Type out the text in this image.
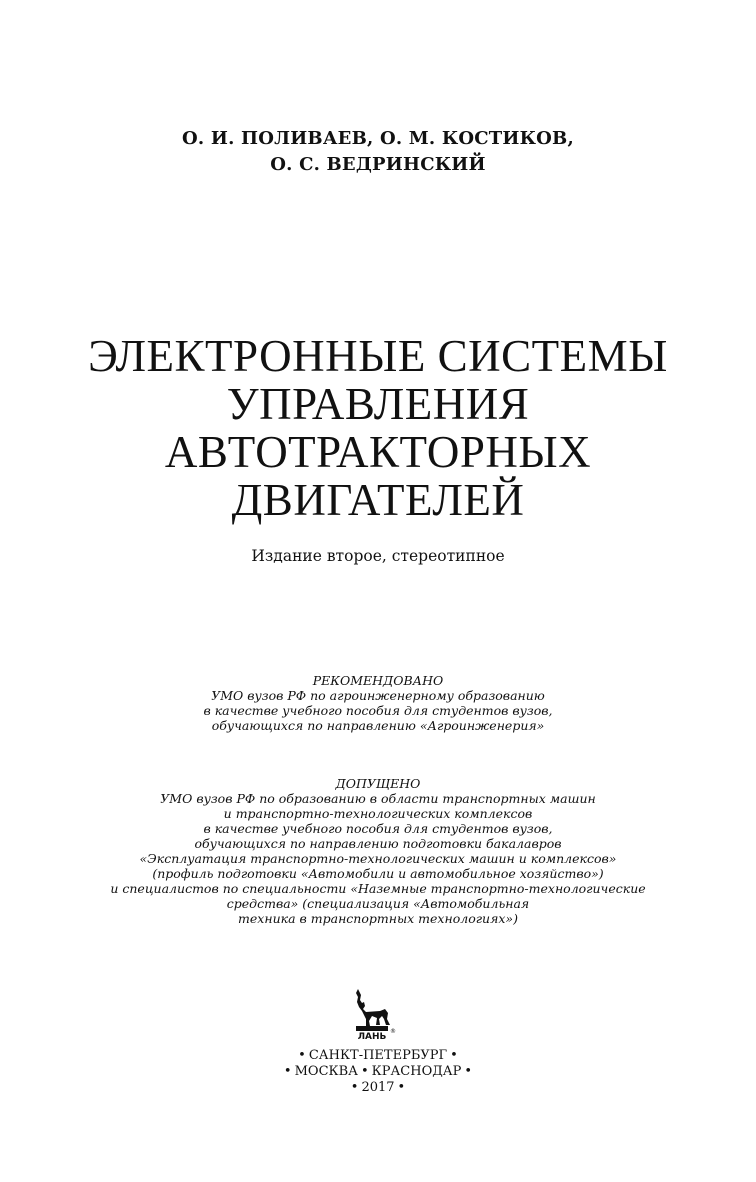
О. И. ПОЛИВАЕВ, О. М. КОСТИКОВ,
О. С. ВЕДРИНСКИЙ
ЭЛЕКТРОННЫЕ СИСТЕМЫ
УПРАВЛЕНИЯ
АВТОТРАКТОРНЫХ
ДВИГАТЕЛЕЙ
Издание второе, стереотипное
РЕКОМЕНДОВАНО
УМО вузов РФ по агроинженерному образованию
в качестве учебного пособия для студентов вузов,
обучающихся по направлению «Агроинженерия»
ДОПУЩЕНО
УМО вузов РФ по образованию в области транспортных машин
и транспортно-технологических комплексов
в качестве учебного пособия для студентов вузов,
обучающихся по направлению подготовки бакалавров
«Эксплуатация транспортно-технологических машин и комплексов»
(профиль подготовки «Автомобили и автомобильное хозяйство»)
и специалистов по специальности «Наземные транспортно-технологические
средства» (специализация «Автомобильная
техника в транспортных технологиях»)
ЛАНЬ
®
• САНКТ-ПЕТЕРБУРГ •
• МОСКВА • КРАСНОДАР •
• 2017 •
